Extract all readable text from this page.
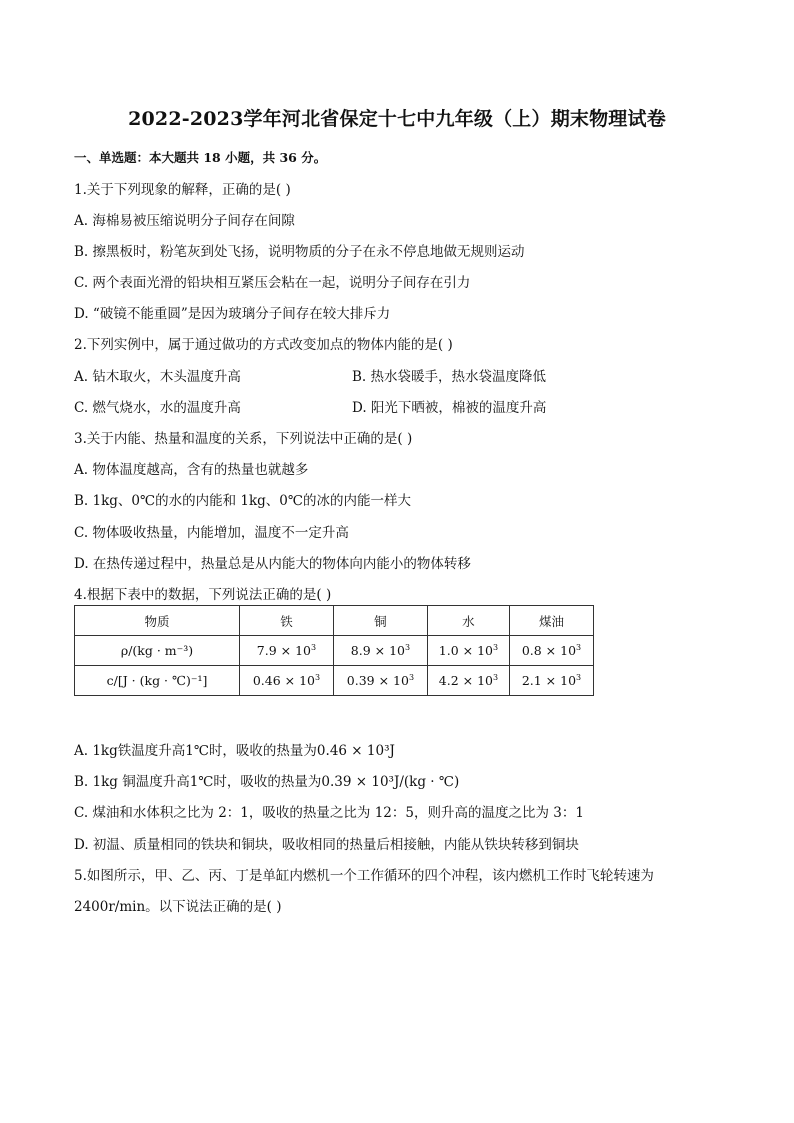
2022-2023学年河北省保定十七中九年级（上）期末物理试卷
一、单选题：本大题共 18 小题，共 36 分。
1.关于下列现象的解释，正确的是( )
A. 海棉易被压缩说明分子间存在间隙
B. 擦黑板时，粉笔灰到处飞扬，说明物质的分子在永不停息地做无规则运动
C. 两个表面光滑的铅块相互紧压会粘在一起，说明分子间存在引力
D. “破镜不能重圆”是因为玻璃分子间存在较大排斥力
2.下列实例中，属于通过做功的方式改变加点的物体内能的是( )
A. 钻木取火，木头温度升高	B. 热水袋暖手，热水袋温度降低
C. 燃气烧水，水的温度升高	D. 阳光下晒被，棉被的温度升高
3.关于内能、热量和温度的关系，下列说法中正确的是( )
A. 物体温度越高，含有的热量也就越多
B. 1kg、0℃的水的内能和 1kg、0℃的冰的内能一样大
C. 物体吸收热量，内能增加，温度不一定升高
D. 在热传递过程中，热量总是从内能大的物体向内能小的物体转移
4.根据下表中的数据，下列说法正确的是( )
物质	铁	铜	水	煤油
ρ/(kg · m⁻³)	$7.9 \times 10^3$	$8.9 \times 10^3$	$1.0 \times 10^3$	$0.8 \times 10^3$
c/[J · (kg · ℃)⁻¹]	$0.46 \times 10^3$	$0.39 \times 10^3$	$4.2 \times 10^3$	$2.1 \times 10^3$
A. 1kg铁温度升高1℃时，吸收的热量为0.46 × 10³J
B. 1kg 铜温度升高1℃时，吸收的热量为0.39 × 10³J/(kg · ℃)
C. 煤油和水体积之比为 2：1，吸收的热量之比为 12：5，则升高的温度之比为 3：1
D. 初温、质量相同的铁块和铜块，吸收相同的热量后相接触，内能从铁块转移到铜块
5.如图所示，甲、乙、丙、丁是单缸内燃机一个工作循环的四个冲程，该内燃机工作时飞轮转速为
2400r/min。以下说法正确的是( )
